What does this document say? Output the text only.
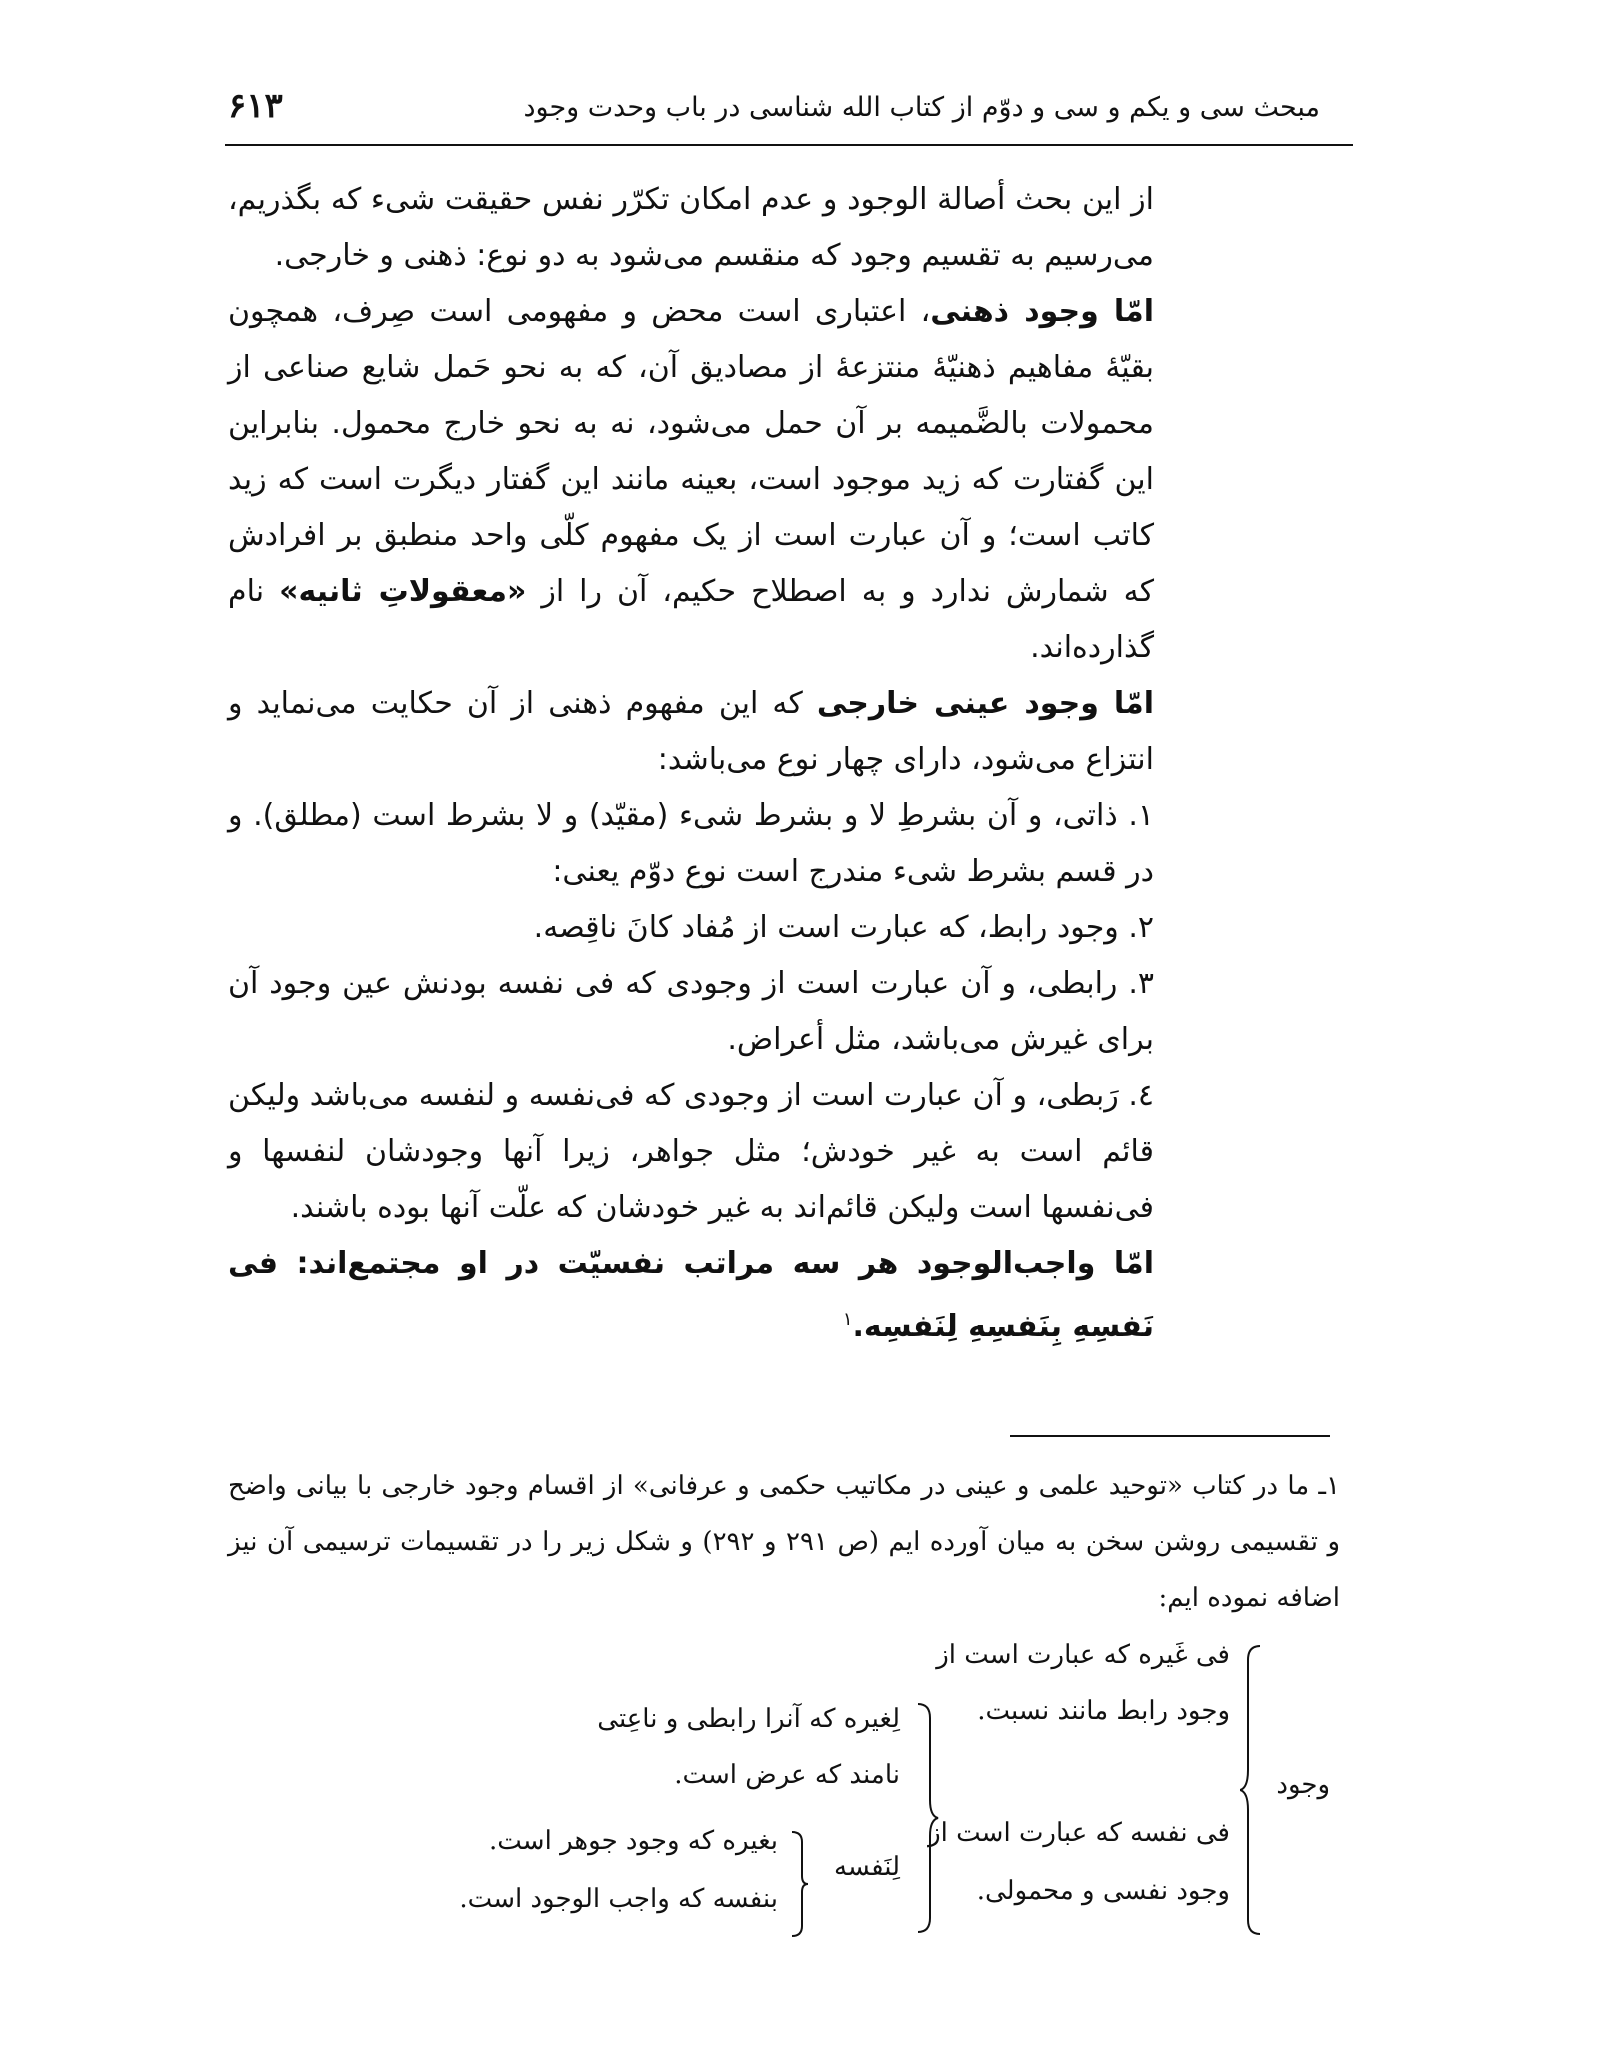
مبحث سی و یکم و سی و دوّم از کتاب الله شناسی در باب وحدت وجود
۶۱۳

از این بحث أصالة الوجود و عدم امکان تکرّر نفس حقیقت شیء که بگذریم، می‌رسیم به تقسیم وجود که منقسم می‌شود به دو نوع: ذهنی و خارجی.

امّا وجود ذهنی، اعتباری است محض و مفهومی است صِرف، همچون بقیّهٔ مفاهیم ذهنیّهٔ منتزعهٔ از مصادیق آن، که به نحو حَمل شایع صناعی از محمولات بالضَّمیمه بر آن حمل می‌شود، نه به نحو خارج محمول. بنابراین این گفتارت که زید موجود است، بعینه مانند این گفتار دیگرت است که زید کاتب است؛ و آن عبارت است از یک مفهوم کلّی واحد منطبق بر افرادش که شمارش ندارد و به اصطلاح حکیم، آن را از «معقولاتِ ثانیه» نام گذارده‌اند.

امّا وجود عینی خارجی که این مفهوم ذهنی از آن حکایت می‌نماید و انتزاع می‌شود، دارای چهار نوع می‌باشد:

۱. ذاتی، و آن بشرطِ لا و بشرط شیء (مقیّد) و لا بشرط است (مطلق). و در قسم بشرط شیء مندرج است نوع دوّم یعنی:

۲. وجود رابط، که عبارت است از مُفاد کانَ ناقِصه.

۳. رابطی، و آن عبارت است از وجودی که فی نفسه بودنش عین وجود آن برای غیرش می‌باشد، مثل أعراض.

٤. رَبطی، و آن عبارت است از وجودی که فی‌نفسه و لنفسه می‌باشد ولیکن قائم است به غیر خودش؛ مثل جواهر، زیرا آنها وجودشان لنفسها و فی‌نفسها است ولیکن قائم‌اند به غیر خودشان که علّت آنها بوده باشند.

امّا واجب‌الوجود هر سه مراتب نفسیّت در او مجتمع‌اند: فی نَفسِهِ بِنَفسِهِ لِنَفسِه.$^۱$

۱ـ ما در کتاب «توحید علمی و عینی در مکاتیب حکمی و عرفانی» از اقسام وجود خارجی با بیانی واضح و تقسیمی روشن سخن به میان آورده ایم (ص ۲۹۱ و ۲۹۲) و شکل زیر را در تقسیمات ترسیمی آن نیز اضافه نموده ایم:

وجود
فی غَیره که عبارت است از
وجود رابط مانند نسبت.
فی نفسه که عبارت است از
وجود نفسی و محمولی.
لِغیره که آنرا رابطی و ناعِتی
نامند که عرض است.
لِنَفسه
بغیره که وجود جوهر است.
بنفسه که واجب الوجود است.
